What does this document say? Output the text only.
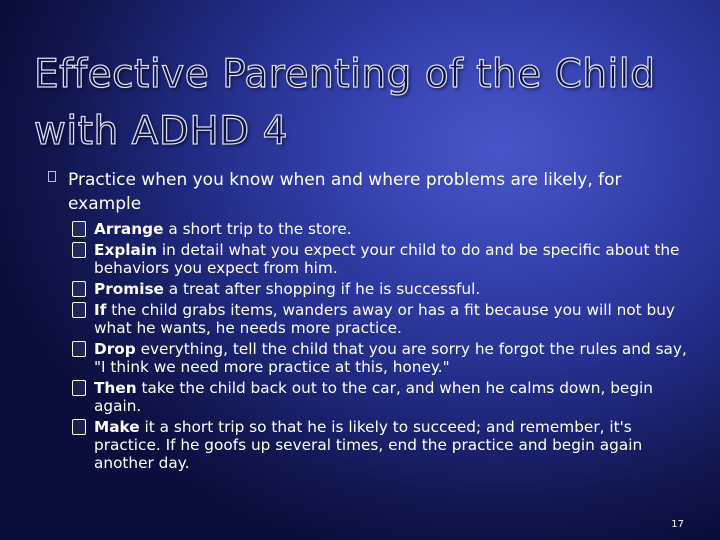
Effective Parenting of the Child
with ADHD 4
Practice when you know when and where problems are likely, for example
Arrange a short trip to the store.
Explain in detail what you expect your child to do and be specific about the behaviors you expect from him.
Promise a treat after shopping if he is successful.
If the child grabs items, wanders away or has a fit because you will not buy what he wants, he needs more practice.
Drop everything, tell the child that you are sorry he forgot the rules and say, "I think we need more practice at this, honey."
Then take the child back out to the car, and when he calms down, begin again.
Make it a short trip so that he is likely to succeed; and remember, it's practice. If he goofs up several times, end the practice and begin again another day.
17
